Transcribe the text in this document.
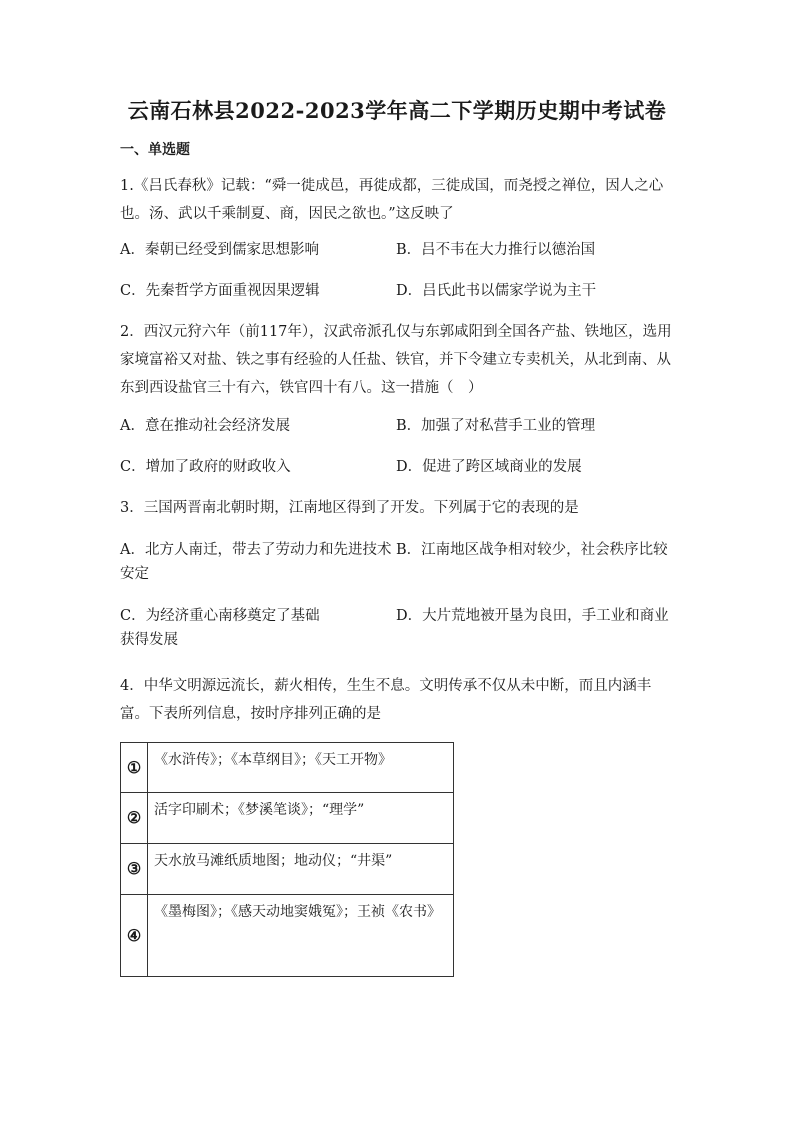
云南石林县2022-2023学年高二下学期历史期中考试卷
一、单选题
1.《吕氏春秋》记载：“舜一徙成邑，再徙成都，三徙成国，而尧授之禅位，因人之心也。汤、武以千乘制夏、商，因民之欲也。”这反映了
A．秦朝已经受到儒家思想影响	B．吕不韦在大力推行以德治国
C．先秦哲学方面重视因果逻辑	D．吕氏此书以儒家学说为主干
2．西汉元狩六年（前117年），汉武帝派孔仅与东郭咸阳到全国各产盐、铁地区，选用家境富裕又对盐、铁之事有经验的人任盐、铁官，并下令建立专卖机关，从北到南、从东到西设盐官三十有六，铁官四十有八。这一措施（　）
A．意在推动社会经济发展	B．加强了对私营手工业的管理
C．增加了政府的财政收入	D．促进了跨区域商业的发展
3．三国两晋南北朝时期，江南地区得到了开发。下列属于它的表现的是
A．北方人南迁，带去了劳动力和先进技术 B．江南地区战争相对较少，社会秩序比较安定
C．为经济重心南移奠定了基础	D．大片荒地被开垦为良田，手工业和商业获得发展
4．中华文明源远流长，薪火相传，生生不息。文明传承不仅从未中断，而且内涵丰富。下表所列信息，按时序排列正确的是
①	《水浒传》；《本草纲目》；《天工开物》
②	活字印刷术；《梦溪笔谈》；“理学”
③	天水放马滩纸质地图；地动仪；“井渠”
④	《墨梅图》；《感天动地窦娥冤》；王祯《农书》
